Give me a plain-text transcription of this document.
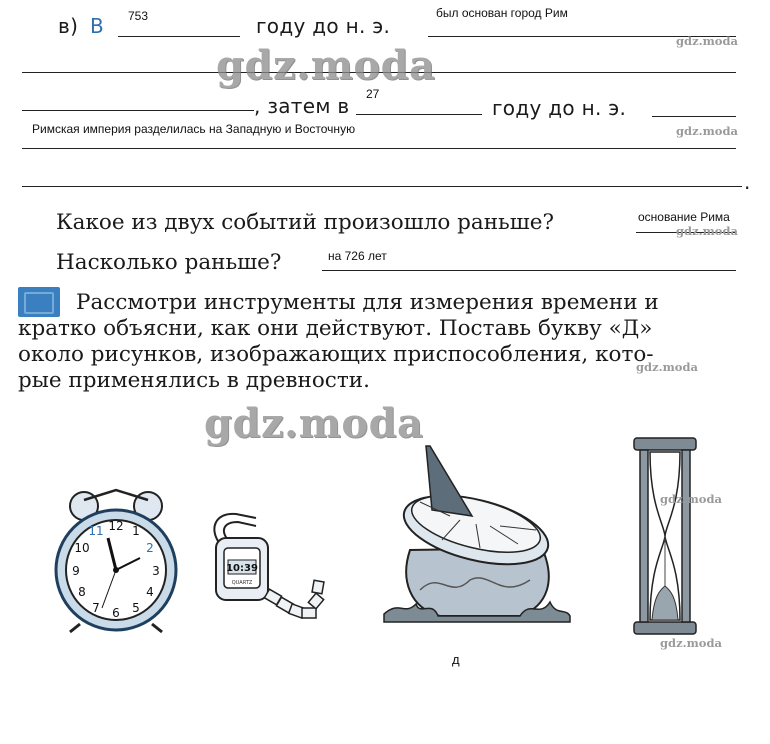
в) В 753	году до н. э.
был основан город Рим
, затем в 27
году до н. э.
Римская империя разделилась на Западную и Восточную
.
Какое из двух событий произошло раньше?	основание Рима
Насколько раньше?	на 726 лет
Рассмотри инструменты для измерения времени и
кратко объясни, как они действуют. Поставь букву «Д»
около рисунков, изображающих приспособления, кото-
рые применялись в древности.
12 1
2
3
4
5
6
7
8
9
10
11
10:39
QUARTZ
д
gdz.moda
gdz.moda
gdz.moda
gdz.moda
gdz.moda
gdz.moda
gdz.moda
gdz.moda
